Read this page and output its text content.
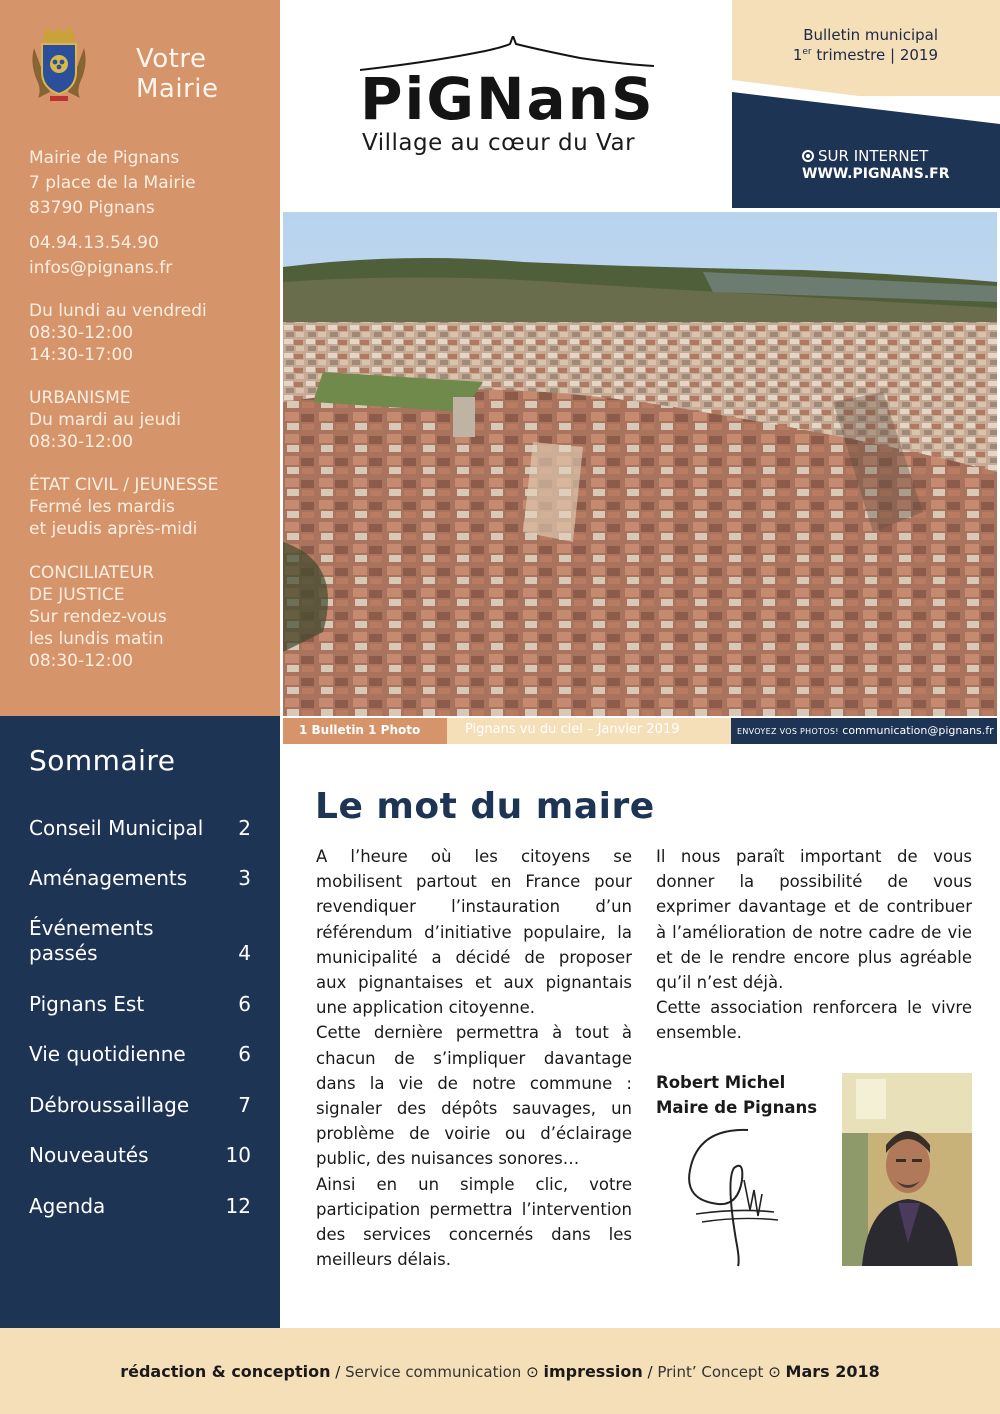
Votre
Mairie
Mairie de Pignans
7 place de la Mairie
83790 Pignans
04.94.13.54.90
infos@pignans.fr
Du lundi au vendredi
08:30-12:00
14:30-17:00
URBANISME
Du mardi au jeudi
08:30-12:00
ÉTAT CIVIL / JEUNESSE
Fermé les mardis
et jeudis après-midi
CONCILIATEUR
DE JUSTICE
Sur rendez-vous
les lundis matin
08:30-12:00
Sommaire
Conseil Municipal 2
Aménagements	3
Événements passés	4
Pignans Est	6
Vie quotidienne	6
Débroussaillage 7
Nouveautés	10
Agenda	12
PiGNanS
Village au cœur du Var
Bulletin municipal
1er trimestre | 2019
SUR INTERNET
WWW.PIGNANS.FR
1 Bulletin 1 Photo	Pignans vu du ciel – Janvier 2019	ENVOYEZ VOS PHOTOS! communication@pignans.fr
Le mot du maire

A l’heure où les citoyens se mobilisent partout en France pour revendiquer l’instauration d’un référendum d’initiative populaire, la municipalité a décidé de proposer aux pignantaises et aux pignantais une application citoyenne.

Cette dernière permettra à tout à chacun de s’impliquer davantage dans la vie de notre commune : signaler des dépôts sauvages, un problème de voirie ou d’éclairage public, des nuisances sonores…

Ainsi en un simple clic, votre participation permettra l’intervention des services concernés dans les meilleurs délais.

Il nous paraît important de vous donner la possibilité de vous exprimer davantage et de contribuer à l’amélioration de notre cadre de vie et de le rendre encore plus agréable qu’il n’est déjà.

Cette association renforcera le vivre ensemble.

Robert Michel
Maire de Pignans
rédaction & conception / Service communication ⊙ impression / Print’ Concept ⊙ Mars 2018
